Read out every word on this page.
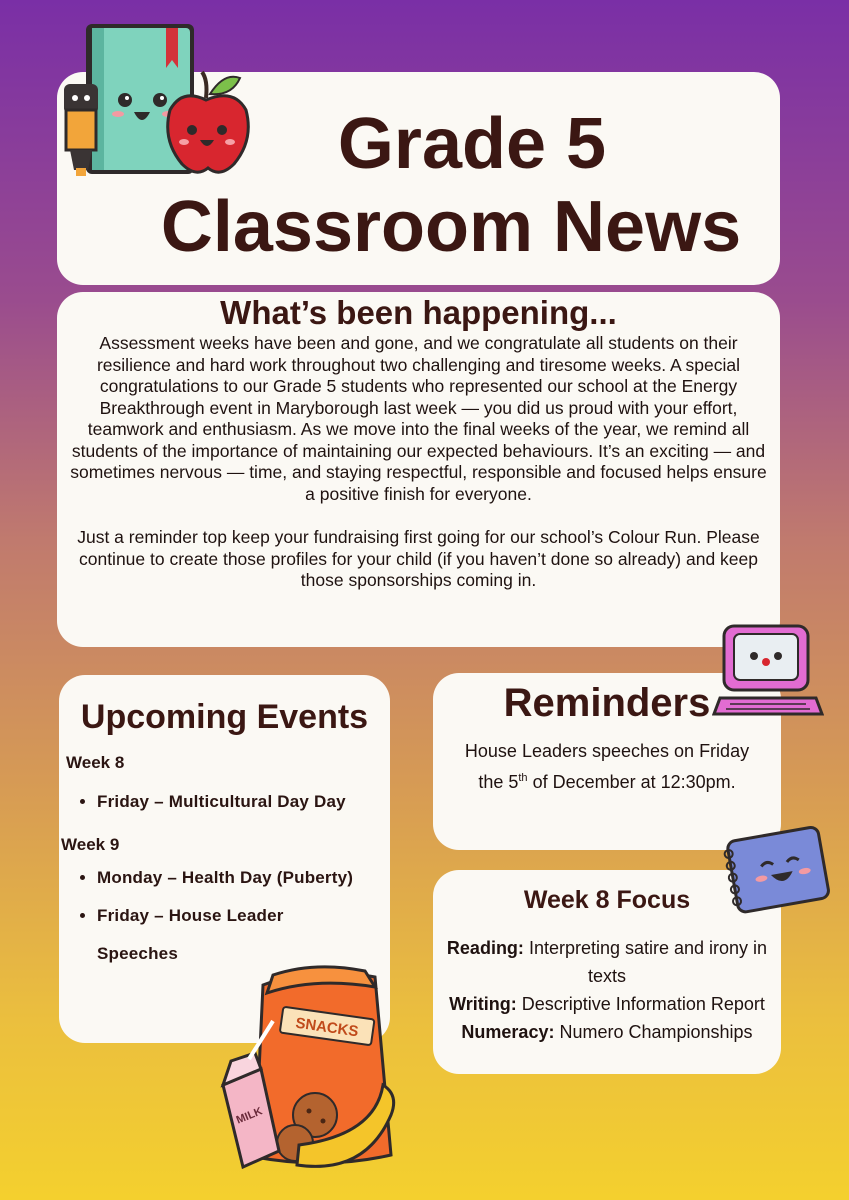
Grade 5
Classroom News
What’s been happening...

Assessment weeks have been and gone, and we congratulate all students on their resilience and hard work throughout two challenging and tiresome weeks. A special congratulations to our Grade 5 students who represented our school at the Energy Breakthrough event in Maryborough last week — you did us proud with your effort, teamwork and enthusiasm. As we move into the final weeks of the year, we remind all students of the importance of maintaining our expected behaviours. It’s an exciting — and sometimes nervous — time, and staying respectful, responsible and focused helps ensure a positive finish for everyone.

Just a reminder top keep your fundraising first going for our school’s Colour Run. Please continue to create those profiles for your child (if you haven’t done so already) and keep those sponsorships coming in.

Upcoming Events

Week 8

• Friday – Multicultural Day Day

Week 9

• Monday – Health Day (Puberty)
• Friday – House Leader Speeches
Reminders

House Leaders speeches on Friday the 5th of December at 12:30pm.

Week 8 Focus

Reading: Interpreting satire and irony in texts

Writing: Descriptive Information Report

Numeracy: Numero Championships

SNACKS
MILK
